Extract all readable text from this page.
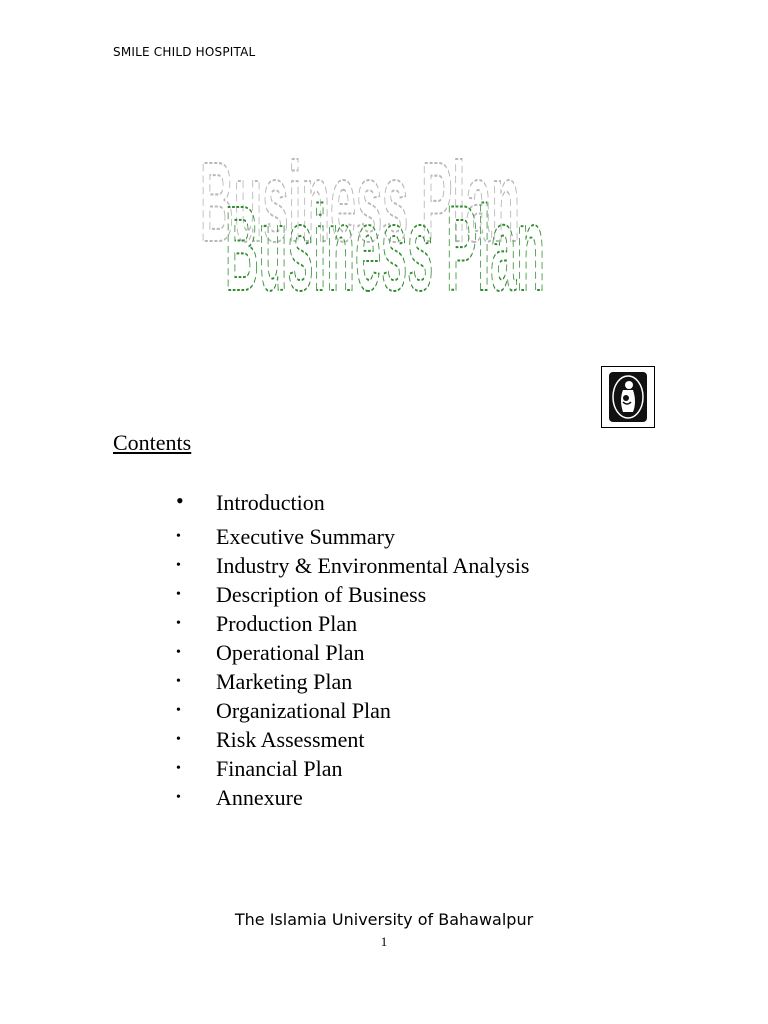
SMILE CHILD HOSPITAL
Business Plan
Business Plan
Contents
•	Introduction
•	Executive Summary
•	Industry & Environmental Analysis
•	Description of Business
•	Production Plan
•	Operational Plan
•	Marketing Plan
•	Organizational Plan
•	Risk Assessment
•	Financial Plan
•	Annexure
The Islamia University of Bahawalpur
1
